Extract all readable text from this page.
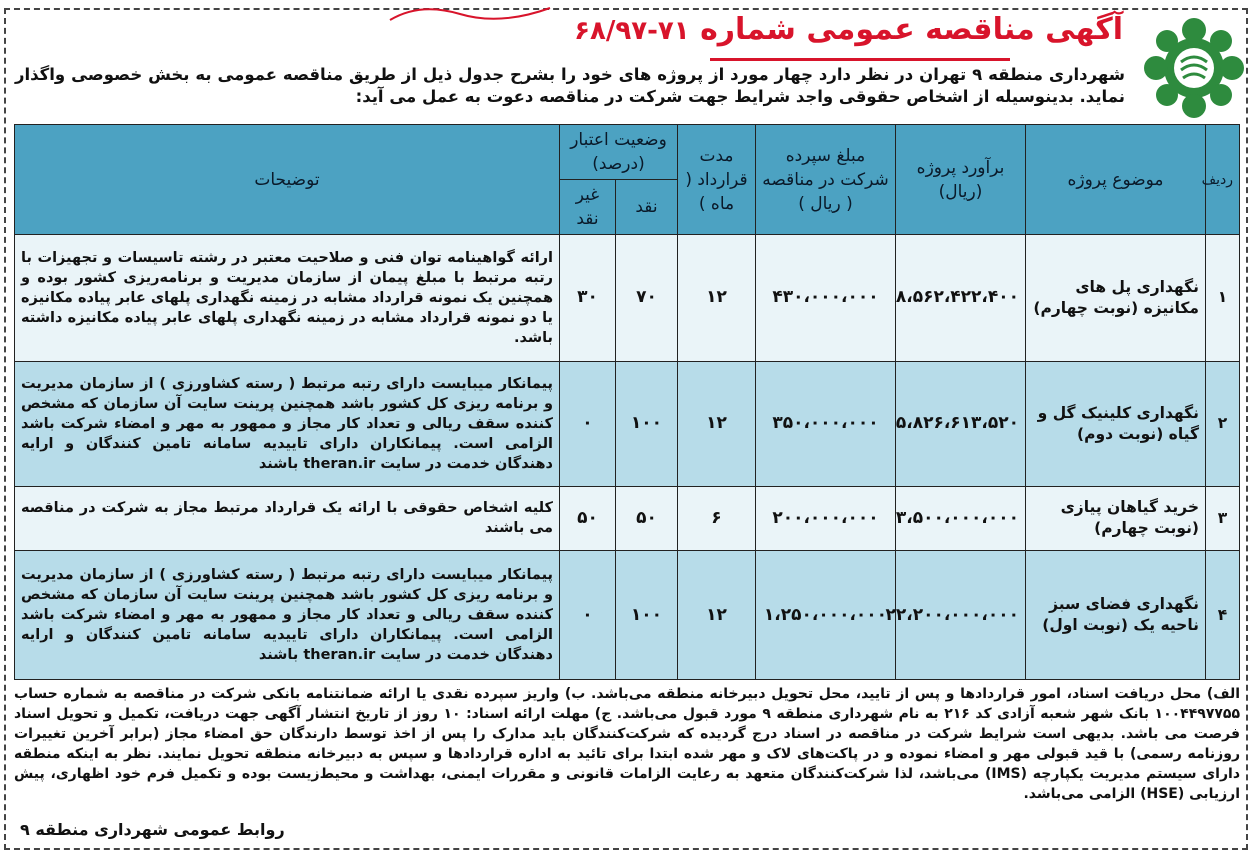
آگهی مناقصه عمومی شماره ۷۱-۶۸/۹۷
شهرداری منطقه ۹ تهران در نظر دارد چهار مورد از پروژه های خود را بشرح جدول ذیل از طریق مناقصه عمومی به بخش خصوصی واگذار نماید. بدینوسیله از اشخاص حقوقی واجد شرایط جهت شرکت در مناقصه دعوت به عمل می آید:
ردیف	موضوع پروژه	برآورد پروژه (ریال)	مبلغ سپرده شرکت در مناقصه ( ریال )	مدت قرارداد ( ماه )	وضعیت اعتبار (درصد)		توضیحات
					نقد	غیر نقد	
۱	نگهداری پل های مکانیزه (نوبت چهارم)	۸،۵۶۲،۴۲۲،۴۰۰	۴۳۰،۰۰۰،۰۰۰	۱۲	۷۰	۳۰	ارائه گواهینامه توان فنی و صلاحیت معتبر در رشته تاسیسات و تجهیزات با رتبه مرتبط با مبلغ پیمان از سازمان مدیریت و برنامه‌ریزی کشور بوده و همچنین یک نمونه قرارداد مشابه در زمینه نگهداری پلهای عابر پیاده مکانیزه یا دو نمونه قرارداد مشابه در زمینه نگهداری پلهای عابر پیاده مکانیزه داشته باشد.
۲	نگهداری کلینیک گل و گیاه (نوبت دوم)	۵،۸۲۶،۶۱۳،۵۲۰	۳۵۰،۰۰۰،۰۰۰	۱۲	۱۰۰	۰	پیمانکار میبایست دارای رتبه مرتبط ( رسته کشاورزی ) از سازمان مدیریت و برنامه ریزی کل کشور باشد همچنین پرینت سایت آن سازمان که مشخص کننده سقف ریالی و تعداد کار مجاز و ممهور به مهر و امضاء شرکت باشد الزامی است. پیمانکاران دارای تاییدیه سامانه تامین کنندگان و ارایه دهندگان خدمت در سایت theran.ir باشند
۳	خرید گیاهان پیازی (نوبت چهارم)	۳،۵۰۰،۰۰۰،۰۰۰	۲۰۰،۰۰۰،۰۰۰	۶	۵۰	۵۰	کلیه اشخاص حقوقی با ارائه یک قرارداد مرتبط مجاز به شرکت در مناقصه می باشند
۴	نگهداری فضای سبز ناحیه یک (نوبت اول)	۲۲،۲۰۰،۰۰۰،۰۰۰	۱،۲۵۰،۰۰۰،۰۰۰	۱۲	۱۰۰	۰	پیمانکار میبایست دارای رتبه مرتبط ( رسته کشاورزی ) از سازمان مدیریت و برنامه ریزی کل کشور باشد همچنین پرینت سایت آن سازمان که مشخص کننده سقف ریالی و تعداد کار مجاز و ممهور به مهر و امضاء شرکت باشد الزامی است. پیمانکاران دارای تاییدیه سامانه تامین کنندگان و ارایه دهندگان خدمت در سایت theran.ir باشند
الف) محل دریافت اسناد، امور قراردادها و پس از تایید، محل تحویل دبیرخانه منطقه می‌باشد. ب) واریز سپرده نقدی یا ارائه ضمانتنامه بانکی شرکت در مناقصه به شماره حساب ۱۰۰۴۴۹۷۷۵۵ بانک شهر شعبه آزادی کد ۲۱۶ به نام شهرداری منطقه ۹ مورد قبول می‌باشد. ج) مهلت ارائه اسناد: ۱۰ روز از تاریخ انتشار آگهی جهت دریافت، تکمیل و تحویل اسناد فرصت می باشد. بدیهی است شرایط شرکت در مناقصه در اسناد درج گردیده که شرکت‌کنندگان باید مدارک را پس از اخذ توسط دارندگان حق امضاء مجاز (برابر آخرین تغییرات روزنامه رسمی) با قید قبولی مهر و امضاء نموده و در پاکت‌های لاک و مهر شده ابتدا برای تائید به اداره قراردادها و سپس به دبیرخانه منطقه تحویل نمایند. نظر به اینکه منطقه دارای سیستم مدیریت یکپارچه (IMS) می‌باشد، لذا شرکت‌کنندگان متعهد به رعایت الزامات قانونی و مقررات ایمنی، بهداشت و محیط‌زیست بوده و تکمیل فرم خود اظهاری، پیش ارزیابی (HSE) الزامی می‌باشد.
روابط عمومی شهرداری منطقه ۹
